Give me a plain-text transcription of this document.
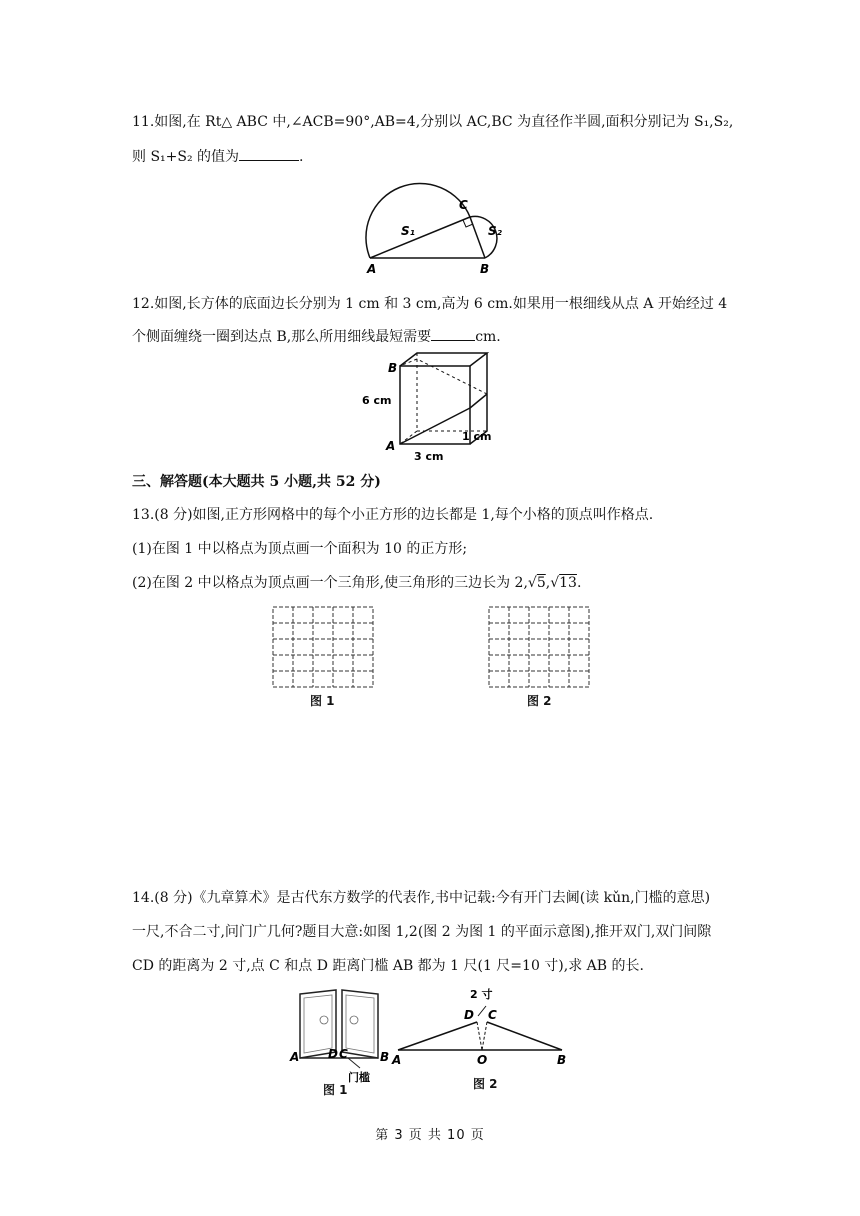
11.如图,在 Rt△ ABC 中,∠ACB=90°,AB=4,分别以 AC,BC 为直径作半圆,面积分别记为 S₁,S₂,
则 S₁+S₂ 的值为	.
A	B
C
S₁	S₂
12.如图,长方体的底面边长分别为 1 cm 和 3 cm,高为 6 cm.如果用一根细线从点 A 开始经过 4
个侧面缠绕一圈到达点 B,那么所用细线最短需要	cm.
B
A
6 cm
1 cm
3 cm
三、解答题(本大题共 5 小题,共 52 分)
13.(8 分)如图,正方形网格中的每个小正方形的边长都是 1,每个小格的顶点叫作格点.
(1)在图 1 中以格点为顶点画一个面积为 10 的正方形;
(2)在图 2 中以格点为顶点画一个三角形,使三角形的三边长为 2,√5,√13.
图 1	图 2
14.(8 分)《九章算术》是古代东方数学的代表作,书中记载:今有开门去阃(读 kǔn,门槛的意思)
一尺,不合二寸,问门广几何?题目大意:如图 1,2(图 2 为图 1 的平面示意图),推开双门,双门间隙
CD 的距离为 2 寸,点 C 和点 D 距离门槛 AB 都为 1 尺(1 尺=10 寸),求 AB 的长.
A D C	B
门槛
图 1
2 寸
D C
A	O	B
图 2
第 3 页 共 10 页
